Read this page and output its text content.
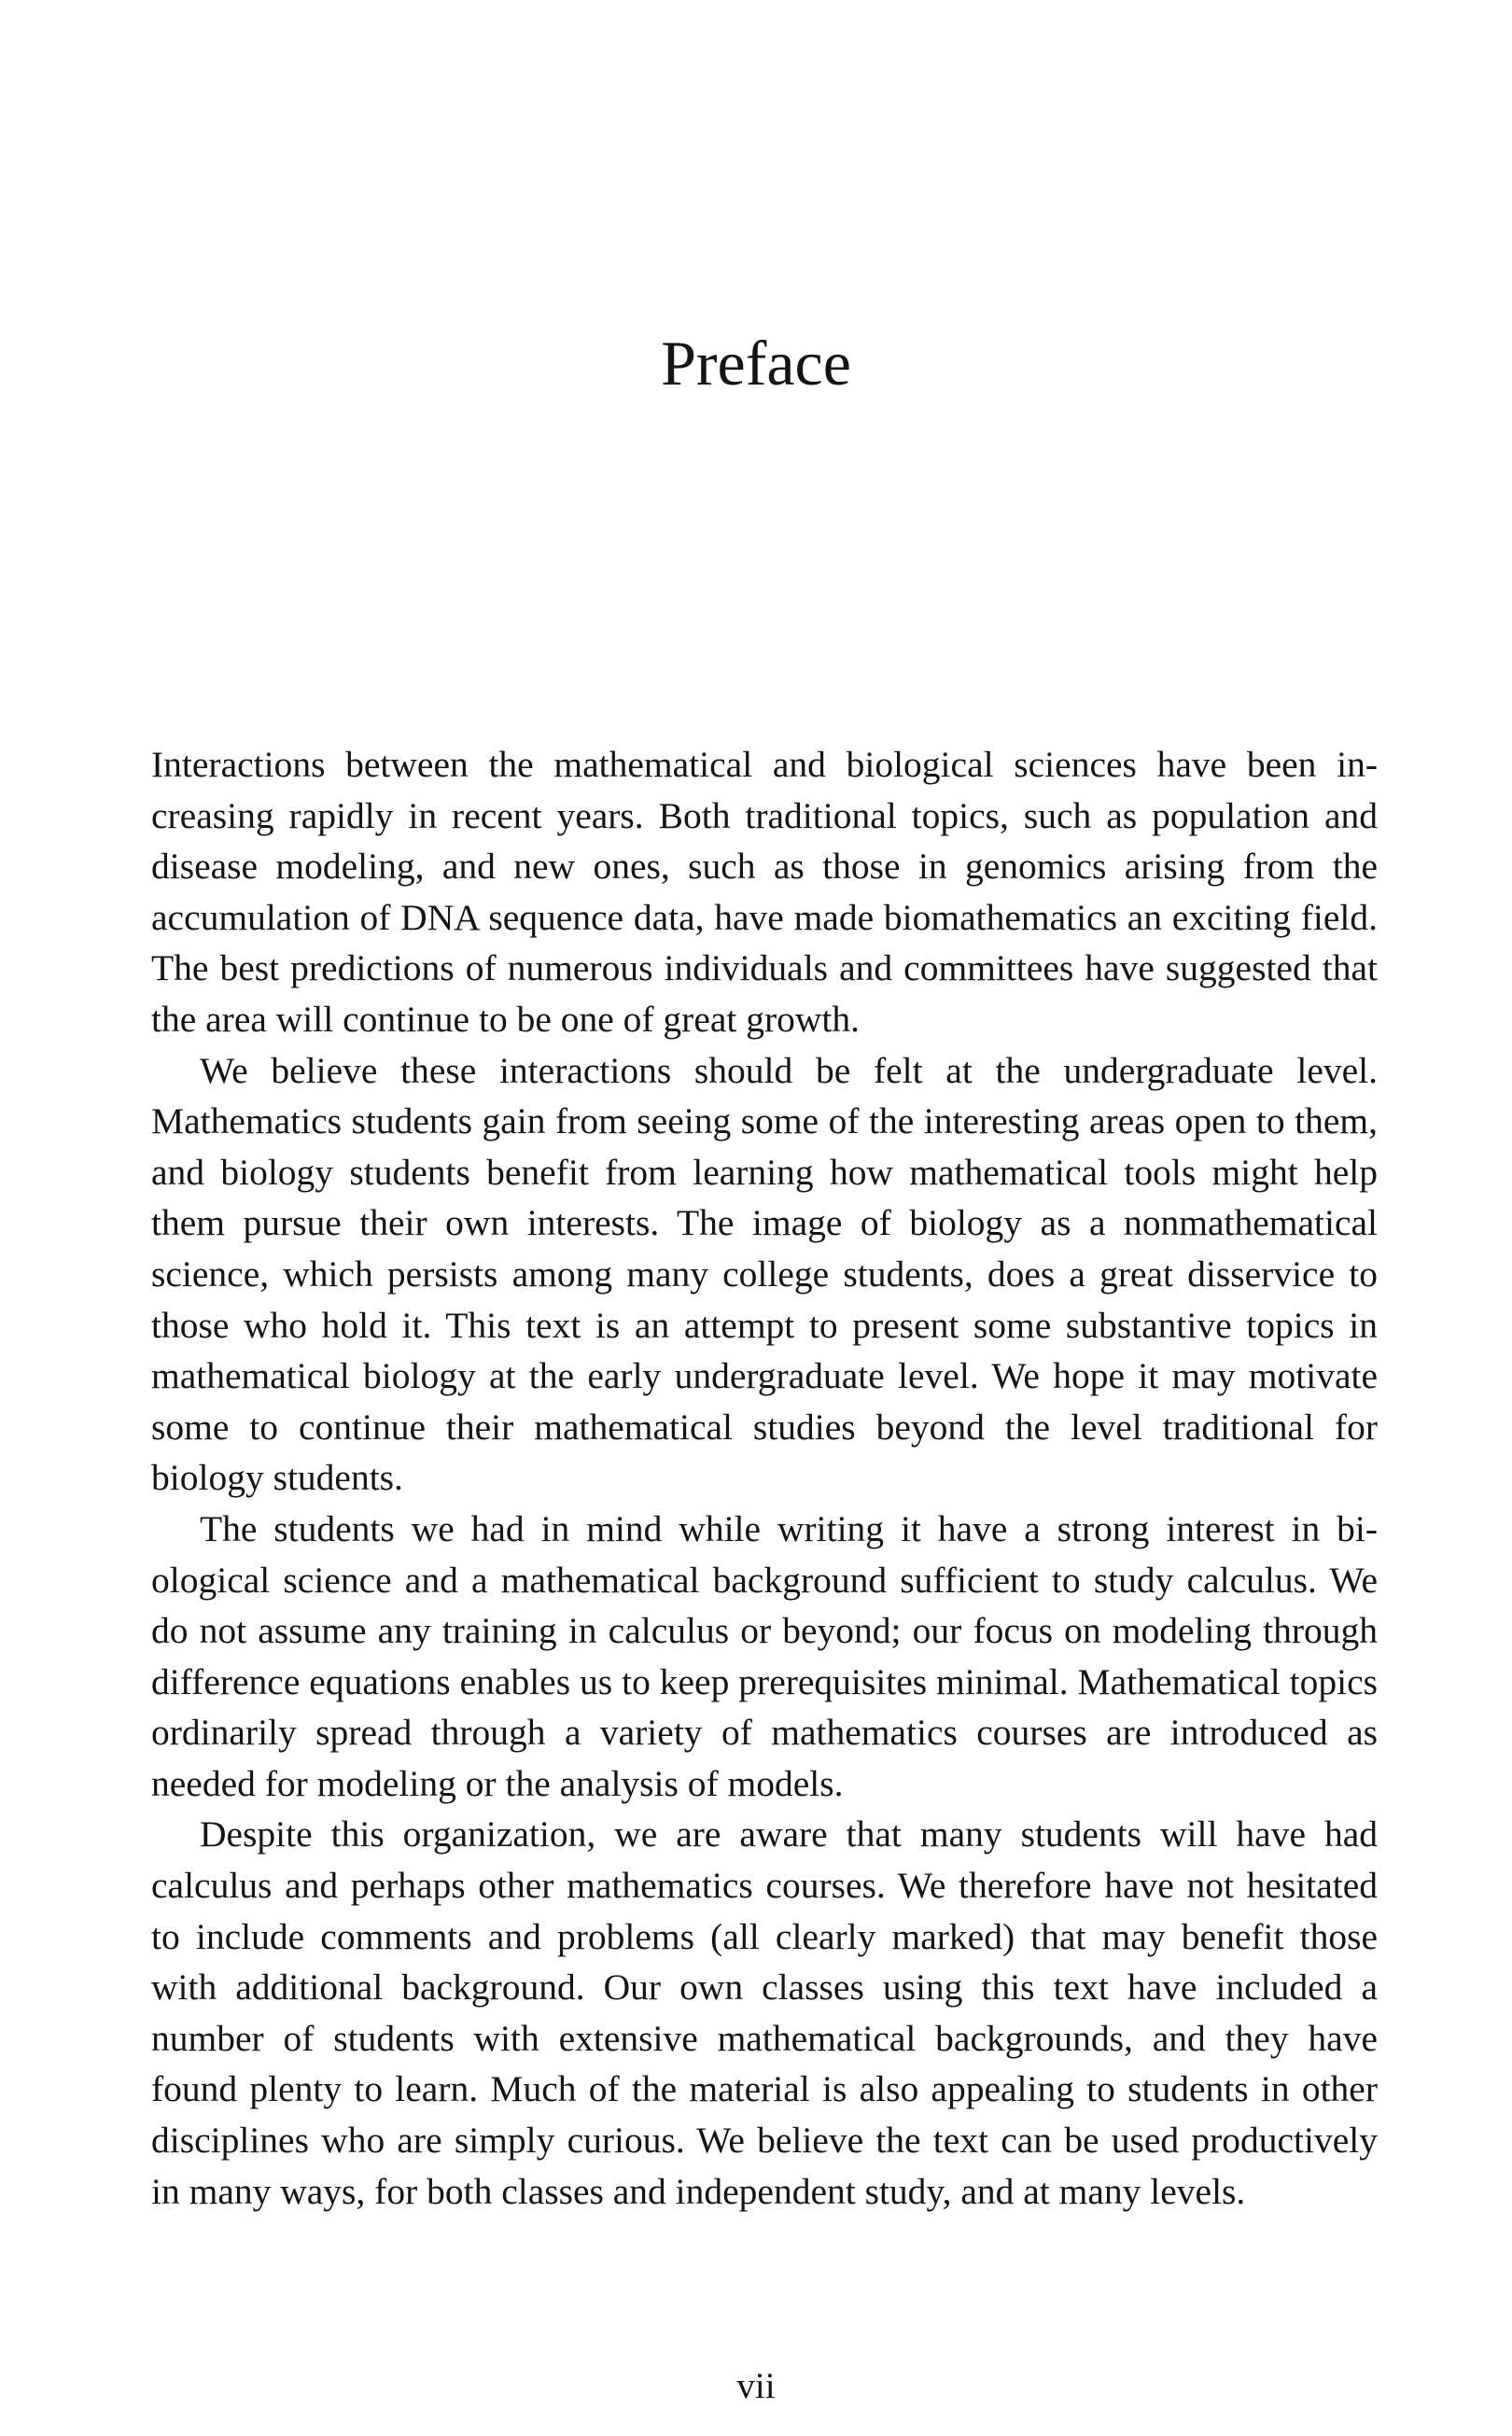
Preface

Interactions between the mathematical and biological sciences have been increasing rapidly in recent years. Both traditional topics, such as population and disease modeling, and new ones, such as those in genomics arising from the accumulation of DNA sequence data, have made biomathematics an exciting field. The best predictions of numerous individuals and committees have suggested that the area will continue to be one of great growth.

We believe these interactions should be felt at the undergraduate level. Mathematics students gain from seeing some of the interesting areas open to them, and biology students benefit from learning how mathematical tools might help them pursue their own interests. The image of biology as a nonmathematical science, which persists among many college students, does a great disservice to those who hold it. This text is an attempt to present some substantive topics in mathematical biology at the early undergraduate level. We hope it may motivate some to continue their mathematical studies beyond the level traditional for biology students.

The students we had in mind while writing it have a strong interest in biological science and a mathematical background sufficient to study calculus. We do not assume any training in calculus or beyond; our focus on modeling through difference equations enables us to keep prerequisites minimal. Mathematical topics ordinarily spread through a variety of mathematics courses are introduced as needed for modeling or the analysis of models.

Despite this organization, we are aware that many students will have had calculus and perhaps other mathematics courses. We therefore have not hesitated to include comments and problems (all clearly marked) that may benefit those with additional background. Our own classes using this text have included a number of students with extensive mathematical backgrounds, and they have found plenty to learn. Much of the material is also appealing to students in other disciplines who are simply curious. We believe the text can be used productively in many ways, for both classes and independent study, and at many levels.

vii
